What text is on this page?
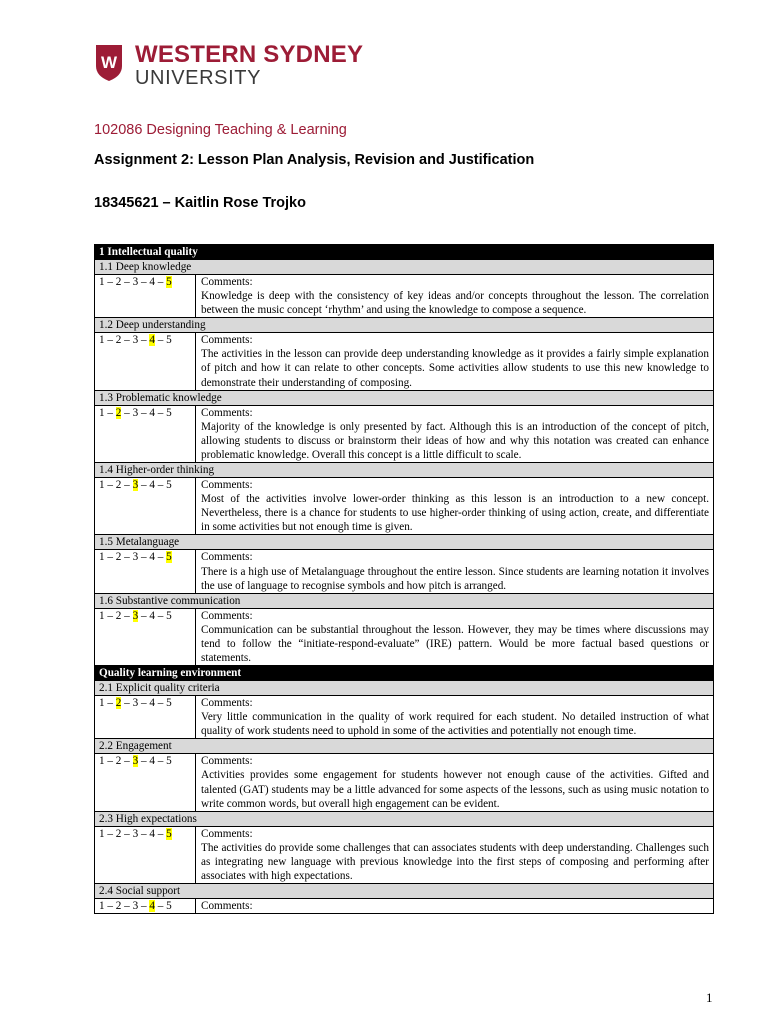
W WESTERN SYDNEY
UNIVERSITY
102086 Designing Teaching & Learning
Assignment 2: Lesson Plan Analysis, Revision and Justification
18345621 – Kaitlin Rose Trojko
1 Intellectual quality
1.1 Deep knowledge
1 – 2 – 3 – 4 – 5	Comments:
Knowledge is deep with the consistency of key ideas and/or concepts throughout the lesson. The correlation between the music concept ‘rhythm’ and using the knowledge to compose a sequence.
1.2 Deep understanding
1 – 2 – 3 – 4 – 5	Comments:
The activities in the lesson can provide deep understanding knowledge as it provides a fairly simple explanation of pitch and how it can relate to other concepts. Some activities allow students to use this new knowledge to demonstrate their understanding of composing.
1.3 Problematic knowledge
1 – 2 – 3 – 4 – 5	Comments:
Majority of the knowledge is only presented by fact. Although this is an introduction of the concept of pitch, allowing students to discuss or brainstorm their ideas of how and why this notation was created can enhance problematic knowledge. Overall this concept is a little difficult to scale.
1.4 Higher-order thinking
1 – 2 – 3 – 4 – 5	Comments:
Most of the activities involve lower-order thinking as this lesson is an introduction to a new concept. Nevertheless, there is a chance for students to use higher-order thinking of using action, create, and differentiate in some activities but not enough time is given.
1.5 Metalanguage
1 – 2 – 3 – 4 – 5	Comments:
There is a high use of Metalanguage throughout the entire lesson. Since students are learning notation it involves the use of language to recognise symbols and how pitch is arranged.
1.6 Substantive communication
1 – 2 – 3 – 4 – 5	Comments:
Communication can be substantial throughout the lesson. However, they may be times where discussions may tend to follow the “initiate-respond-evaluate” (IRE) pattern. Would be more factual based questions or statements.
Quality learning environment
2.1 Explicit quality criteria
1 – 2 – 3 – 4 – 5	Comments:
Very little communication in the quality of work required for each student. No detailed instruction of what quality of work students need to uphold in some of the activities and potentially not enough time.
2.2 Engagement
1 – 2 – 3 – 4 – 5	Comments:
Activities provides some engagement for students however not enough cause of the activities. Gifted and talented (GAT) students may be a little advanced for some aspects of the lessons, such as using music notation to write common words, but overall high engagement can be evident.
2.3 High expectations
1 – 2 – 3 – 4 – 5	Comments:
The activities do provide some challenges that can associates students with deep understanding. Challenges such as integrating new language with previous knowledge into the first steps of composing and performing after associates with high expectations.
2.4 Social support
1 – 2 – 3 – 4 – 5	Comments:
1
